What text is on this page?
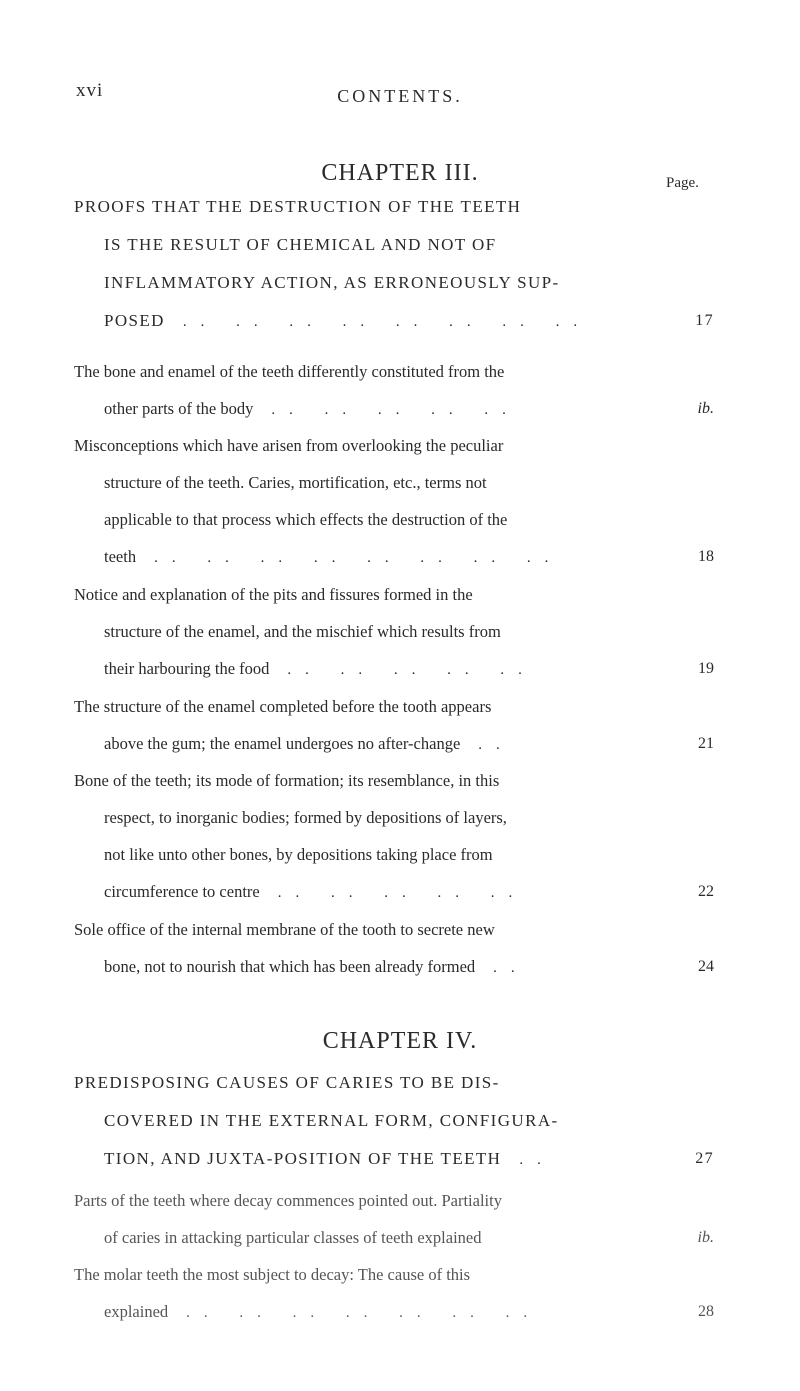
xvi	CONTENTS.
CHAPTER III.	Page.
PROOFS THAT THE DESTRUCTION OF THE TEETH
IS THE RESULT OF CHEMICAL AND NOT OF
INFLAMMATORY ACTION, AS ERRONEOUSLY SUP-
POSED .. .. .. .. .. .. .. ..	17
The bone and enamel of the teeth differently constituted from the
other parts of the body .. .. .. .. ..	ib.
Misconceptions which have arisen from overlooking the peculiar
structure of the teeth. Caries, mortification, etc., terms not
applicable to that process which effects the destruction of the
teeth .. .. .. .. .. .. .. ..	18
Notice and explanation of the pits and fissures formed in the
structure of the enamel, and the mischief which results from
their harbouring the food .. .. .. .. ..	19
The structure of the enamel completed before the tooth appears
above the gum; the enamel undergoes no after-change ..	21
Bone of the teeth; its mode of formation; its resemblance, in this
respect, to inorganic bodies; formed by depositions of layers,
not like unto other bones, by depositions taking place from
circumference to centre .. .. .. .. ..	22
Sole office of the internal membrane of the tooth to secrete new
bone, not to nourish that which has been already formed ..	24
CHAPTER IV.
PREDISPOSING CAUSES OF CARIES TO BE DIS-
COVERED IN THE EXTERNAL FORM, CONFIGURA-
TION, AND JUXTA-POSITION OF THE TEETH ..	27
Parts of the teeth where decay commences pointed out. Partiality
of caries in attacking particular classes of teeth explained	ib.
The molar teeth the most subject to decay: The cause of this
explained .. .. .. .. .. .. ..	28
